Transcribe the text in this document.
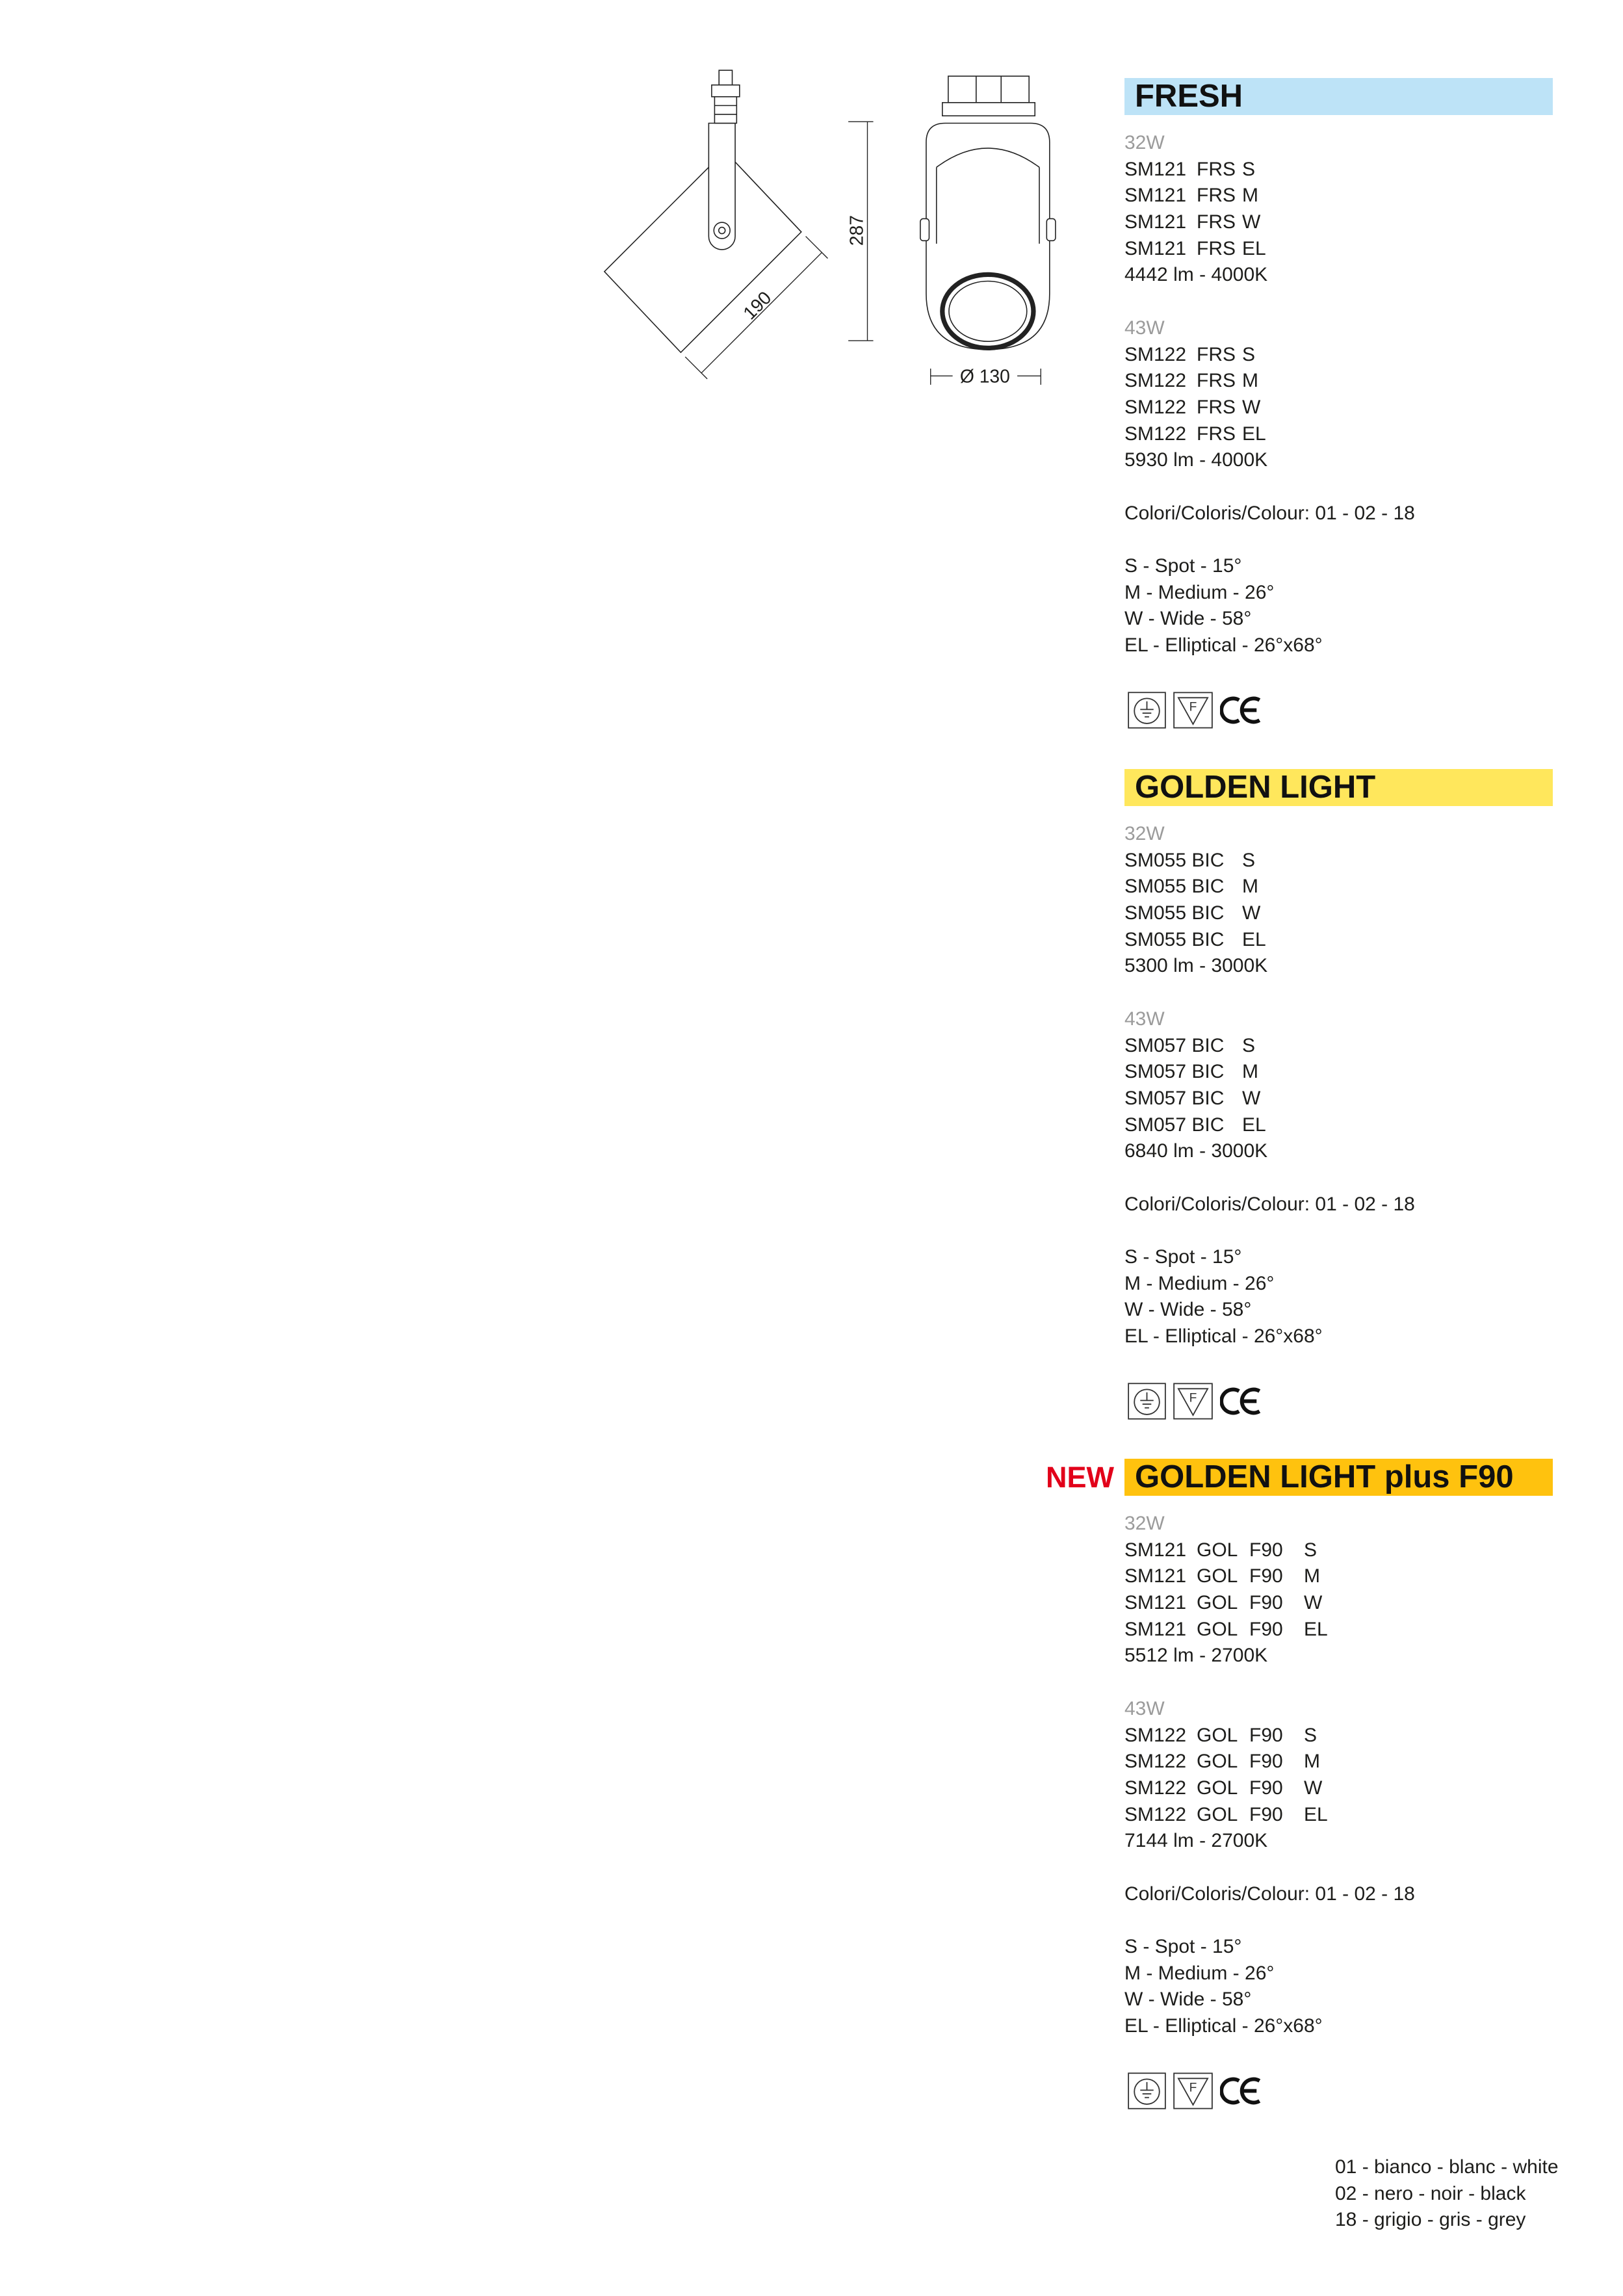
190
287
Ø 130
FRESH
32W
SM121 FRS S
SM121 FRS M
SM121 FRS W
SM121 FRS EL
4442 lm - 4000K
43W
SM122 FRS S
SM122 FRS M
SM122 FRS W
SM122 FRS EL
5930 lm - 4000K
Colori/Coloris/Colour: 01 - 02 - 18
S - Spot - 15°
M - Medium - 26°
W - Wide - 58°
EL - Elliptical - 26°x68°
F
GOLDEN LIGHT
32W
SM055 BIC S
SM055 BIC M
SM055 BIC W
SM055 BIC EL
5300 lm - 3000K
43W
SM057 BIC S
SM057 BIC M
SM057 BIC W
SM057 BIC EL
6840 lm - 3000K
Colori/Coloris/Colour: 01 - 02 - 18
S - Spot - 15°
M - Medium - 26°
W - Wide - 58°
EL - Elliptical - 26°x68°
F
NEW GOLDEN LIGHT plus F90
32W
SM121 GOL F90	S
SM121 GOL F90	M
SM121 GOL F90	W
SM121 GOL F90	EL
5512 lm - 2700K
43W
SM122 GOL F90	S
SM122 GOL F90	M
SM122 GOL F90	W
SM122 GOL F90	EL
7144 lm - 2700K
Colori/Coloris/Colour: 01 - 02 - 18
S - Spot - 15°
M - Medium - 26°
W - Wide - 58°
EL - Elliptical - 26°x68°
F
01 - bianco - blanc - white
02 - nero - noir - black
18 - grigio - gris - grey
